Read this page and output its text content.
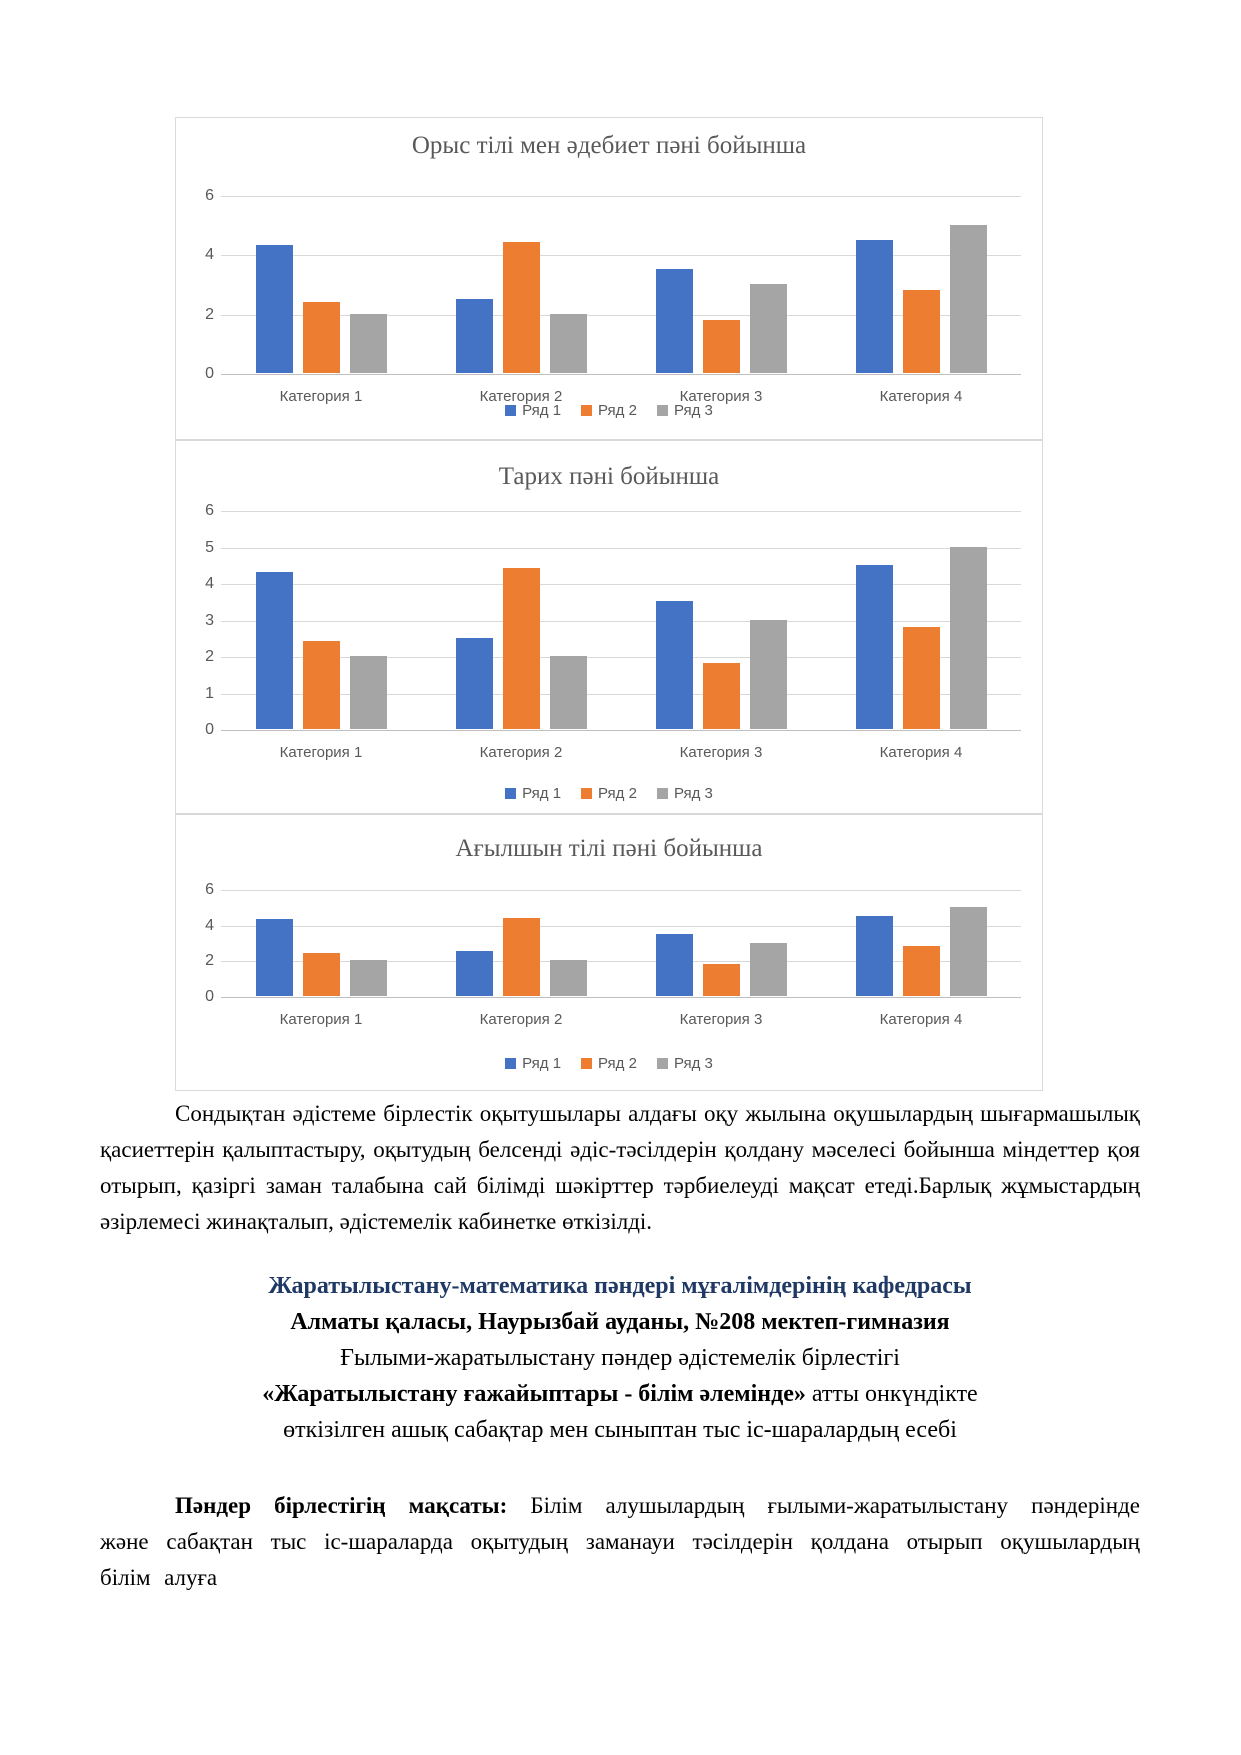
Орыс тілі мен әдебиет пәні бойынша
0
2
4
6
Категория 1	Категория 2	Категория 3	Категория 4
Ряд 1 Ряд 2 Ряд 3
Тарих пәні бойынша
0
1
2
3
4
5
6
Категория 1	Категория 2	Категория 3	Категория 4
Ряд 1 Ряд 2 Ряд 3
Ағылшын тілі пәні бойынша
0
2
4
6
Категория 1	Категория 2	Категория 3	Категория 4
Ряд 1 Ряд 2 Ряд 3
Сондықтан әдістеме бірлестік оқытушылары алдағы оқу жылына оқушылардың шығармашылық қасиеттерін қалыптастыру, оқытудың белсенді әдіс-тәсілдерін қолдану мәселесі бойынша міндеттер қоя отырып, қазіргі заман талабына сай білімді шәкірттер тәрбиелеуді мақсат етеді.Барлық жұмыстардың әзірлемесі жинақталып, әдістемелік кабинетке өткізілді.
Жаратылыстану-математика пәндері мұғалімдерінің кафедрасы
Алматы қаласы, Наурызбай ауданы, №208 мектеп-гимназия
Ғылыми-жаратылыстану пәндер әдістемелік бірлестігі
«Жаратылыстану ғажайыптары - білім әлемінде» атты онкүндікте
өткізілген ашық сабақтар мен сыныптан тыс іс-шаралардың есебі
Пәндер бірлестігің мақсаты: Білім алушылардың ғылыми-жаратылыстану пәндерінде және сабақтан тыс іс-шараларда оқытудың заманауи тәсілдерін қолдана отырып оқушылардың білім алуға
